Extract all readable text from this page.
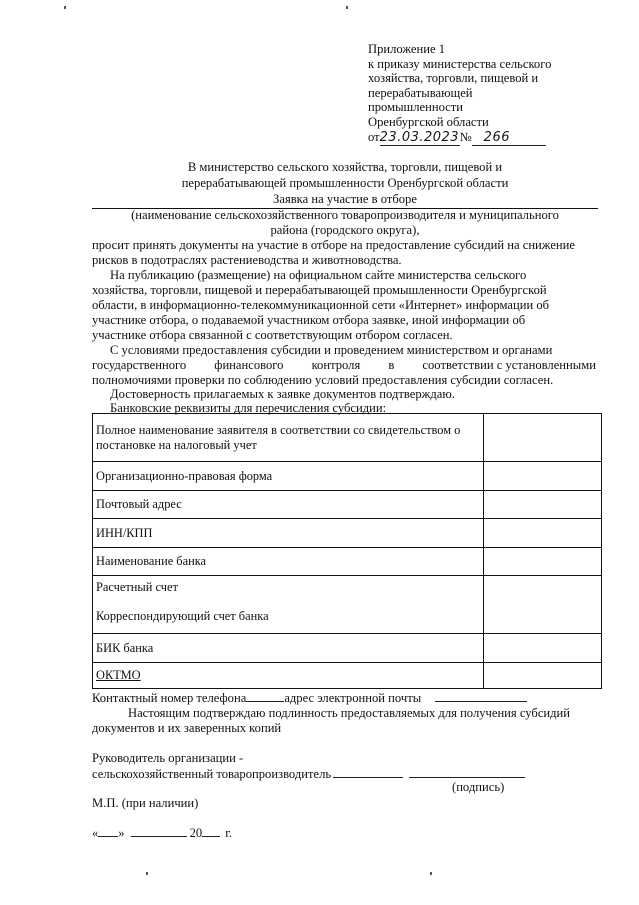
Приложение 1
к приказу министерства сельского
хозяйства, торговли, пищевой и
перерабатывающей
промышленности
Оренбургской области
от23.03.2023№ 266
В министерство сельского хозяйства, торговли, пищевой и
перерабатывающей промышленности Оренбургской области
Заявка на участие в отборе
(наименование сельскохозяйственного товаропроизводителя и муниципального
района (городского округа),
просит принять документы на участие в отборе на предоставление субсидий на снижение
рисков в подотраслях растениеводства и животноводства.
На публикацию (размещение) на официальном сайте министерства сельского
хозяйства, торговли, пищевой и перерабатывающей промышленности Оренбургской
области, в информационно-телекоммуникационной сети «Интернет» информации об
участнике отбора, о подаваемой участником отбора заявке, иной информации об
участнике отбора связанной с соответствующим отбором согласен.
С условиями предоставления субсидии и проведением министерством и органами
государственного финансового контроля в соответствии с установленными
полномочиями проверки по соблюдению условий предоставления субсидии согласен.
Достоверность прилагаемых к заявке документов подтверждаю.
Банковские реквизиты для перечисления субсидии:
Полное наименование заявителя в соответствии со свидетельством о постановке на налоговый учет	
Организационно-правовая форма	
Почтовый адрес	
ИНН/КПП	
Наименование банка	
Расчетный счет
Корреспондирующий счет банка	

БИК банка	
ОКТМО	
Контактный номер телефона	адрес электронной почты
Настоящим подтверждаю подлинность предоставляемых для получения субсидий
документов и их заверенных копий
Руководитель организации -
сельскохозяйственный товаропроизводитель
(подпись)
М.П. (при наличии)
« »	20 г.
